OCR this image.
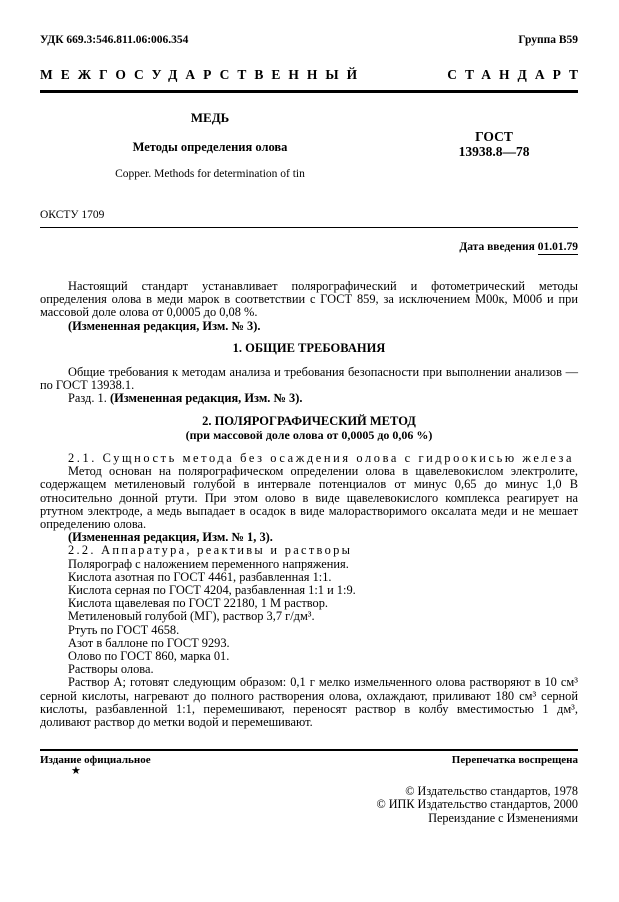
УДК 669.3:546.811.06:006.354	Группа В59
МЕЖГОСУДАРСТВЕННЫЙ	СТАНДАРТ
МЕДЬ
Методы определения олова
Copper. Methods for determination of tin
ГОСТ
13938.8—78
ОКСТУ 1709
Дата введения 01.01.79

Настоящий стандарт устанавливает полярографический и фотометрический методы определения олова в меди марок в соответствии с ГОСТ 859, за исключением М00к, М00б и при массовой доле олова от 0,0005 до 0,08 %.

(Измененная редакция, Изм. № 3).

1. ОБЩИЕ ТРЕБОВАНИЯ

Общие требования к методам анализа и требования безопасности при выполнении анализов — по ГОСТ 13938.1.

Разд. 1. (Измененная редакция, Изм. № 3).

2. ПОЛЯРОГРАФИЧЕСКИЙ МЕТОД

(при массовой доле олова от 0,0005 до 0,06 %)

2.1. Сущность метода без осаждения олова с гидроокисью железа

Метод основан на полярографическом определении олова в щавелевокислом электролите, содержащем метиленовый голубой в интервале потенциалов от минус 0,65 до минус 1,0 В относительно донной ртути. При этом олово в виде щавелевокислого комплекса реагирует на ртутном электроде, а медь выпадает в осадок в виде малорастворимого оксалата меди и не мешает определению олова.

(Измененная редакция, Изм. № 1, 3).

2.2. Аппаратура, реактивы и растворы

Полярограф с наложением переменного напряжения.

Кислота азотная по ГОСТ 4461, разбавленная 1:1.

Кислота серная по ГОСТ 4204, разбавленная 1:1 и 1:9.

Кислота щавелевая по ГОСТ 22180, 1 М раствор.

Метиленовый голубой (МГ), раствор 3,7 г/дм³.

Ртуть по ГОСТ 4658.

Азот в баллоне по ГОСТ 9293.

Олово по ГОСТ 860, марка 01.

Растворы олова.

Раствор А; готовят следующим образом: 0,1 г мелко измельченного олова растворяют в 10 см³ серной кислоты, нагревают до полного растворения олова, охлаждают, приливают 180 см³ серной кислоты, разбавленной 1:1, перемешивают, переносят раствор в колбу вместимостью 1 дм³, доливают раствор до метки водой и перемешивают.

Издание официальное	Перепечатка воспрещена
★
© Издательство стандартов, 1978
© ИПК Издательство стандартов, 2000
Переиздание с Изменениями
